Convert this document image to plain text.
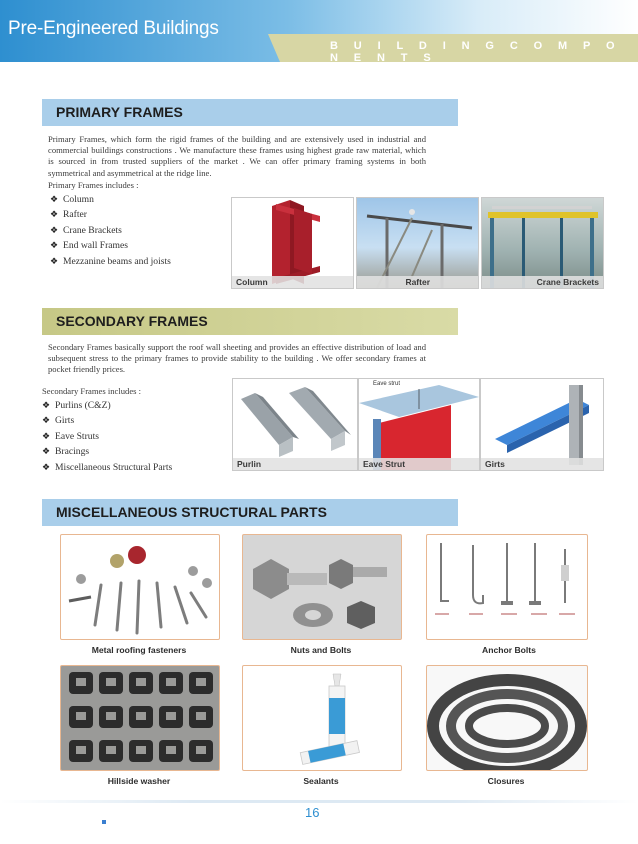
Pre-Engineered Buildings
B U I L D I N G C O M P O N E N T S
PRIMARY FRAMES
Primary Frames, which form the rigid frames of the building and are extensively used in industrial and commercial buildings constructions . We manufacture these frames using highest grade raw material, which is sourced in from trusted suppliers of the market . We can offer primary framing systems in both symmetrical and asymmetrical at the ridge line.
Primary Frames includes :
❖ Column
❖ Rafter
❖ Crane Brackets
❖ End wall Frames
❖ Mezzanine beams and joists
Column	Rafter	Crane Brackets
SECONDARY FRAMES
Secondary Frames basically support the roof wall sheeting and provides an effective distribution of load and subsequent stress to the primary frames to provide stability to the building . We offer secondary frames at pocket friendly prices.
Secondary Frames includes :
❖ Purlins (C&Z)
❖ Girts
❖ Eave Struts
❖ Bracings
❖ Miscellaneous Structural Parts	Purlin
Eave strut
Eave Strut	Girts
MISCELLANEOUS STRUCTURAL PARTS
Metal roofing fasteners	Nuts and Bolts	Anchor Bolts
Hillside washer	Sealants	Closures
16
